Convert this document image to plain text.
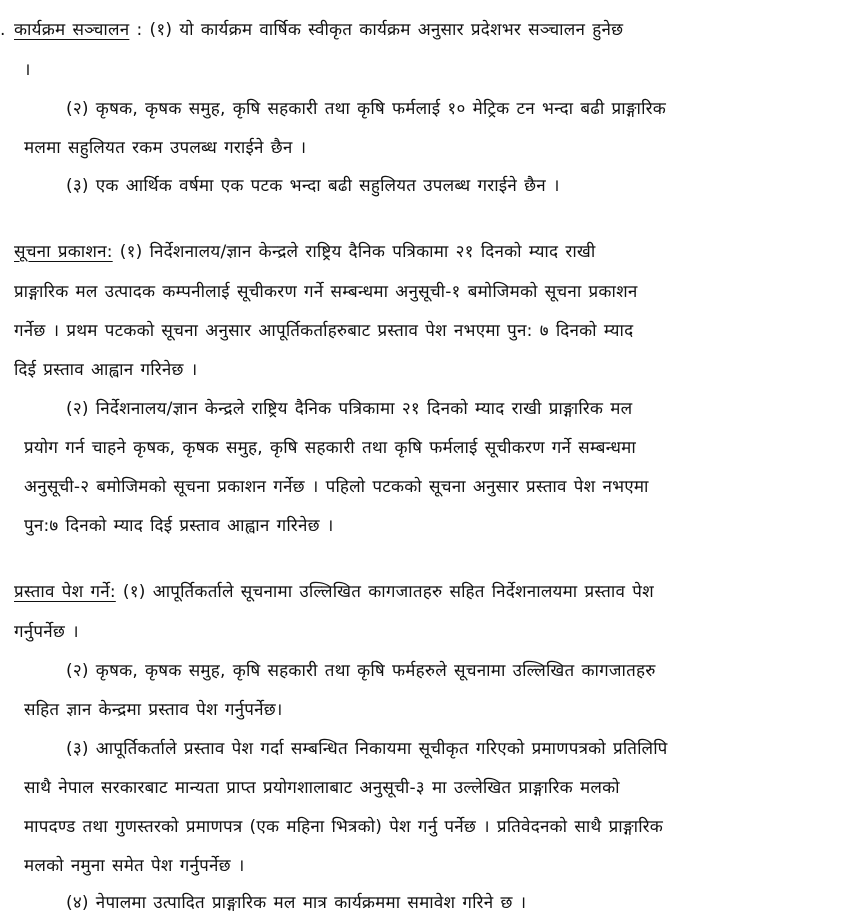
. कार्यक्रम सञ्चालन : (१) यो कार्यक्रम वार्षिक स्वीकृत कार्यक्रम अनुसार प्रदेशभर सञ्चालन हुनेछ
।
(२) कृषक, कृषक समुह, कृषि सहकारी तथा कृषि फर्मलाई १० मेट्रिक टन भन्दा बढी प्राङ्गारिक
मलमा सहुलियत रकम उपलब्ध गराईने छैन ।
(३) एक आर्थिक वर्षमा एक पटक भन्दा बढी सहुलियत उपलब्ध गराईने छैन ।
सूचना प्रकाशन: (१) निर्देशनालय/ज्ञान केन्द्रले राष्ट्रिय दैनिक पत्रिकामा २१ दिनको म्याद राखी
प्राङ्गारिक मल उत्पादक कम्पनीलाई सूचीकरण गर्ने सम्बन्धमा अनुसूची-१ बमोजिमको सूचना प्रकाशन
गर्नेछ । प्रथम पटकको सूचना अनुसार आपूर्तिकर्ताहरुबाट प्रस्ताव पेश नभएमा पुन: ७ दिनको म्याद
दिई प्रस्ताव आह्वान गरिनेछ ।
(२) निर्देशनालय/ज्ञान केन्द्रले राष्ट्रिय दैनिक पत्रिकामा २१ दिनको म्याद राखी प्राङ्गारिक मल
प्रयोग गर्न चाहने कृषक, कृषक समुह, कृषि सहकारी तथा कृषि फर्मलाई सूचीकरण गर्ने सम्बन्धमा
अनुसूची-२ बमोजिमको सूचना प्रकाशन गर्नेछ । पहिलो पटकको सूचना अनुसार प्रस्ताव पेश नभएमा
पुन:७ दिनको म्याद दिई प्रस्ताव आह्वान गरिनेछ ।
प्रस्ताव पेश गर्ने: (१) आपूर्तिकर्ताले सूचनामा उल्लिखित कागजातहरु सहित निर्देशनालयमा प्रस्ताव पेश
गर्नुपर्नेछ ।
(२) कृषक, कृषक समुह, कृषि सहकारी तथा कृषि फर्महरुले सूचनामा उल्लिखित कागजातहरु
सहित ज्ञान केन्द्रमा प्रस्ताव पेश गर्नुपर्नेछ।
(३) आपूर्तिकर्ताले प्रस्ताव पेश गर्दा सम्बन्धित निकायमा सूचीकृत गरिएको प्रमाणपत्रको प्रतिलिपि
साथै नेपाल सरकारबाट मान्यता प्राप्त प्रयोगशालाबाट अनुसूची-३ मा उल्लेखित प्राङ्गारिक मलको
मापदण्ड तथा गुणस्तरको प्रमाणपत्र (एक महिना भित्रको) पेश गर्नु पर्नेछ । प्रतिवेदनको साथै प्राङ्गारिक
मलको नमुना समेत पेश गर्नुपर्नेछ ।
(४) नेपालमा उत्पादित प्राङ्गारिक मल मात्र कार्यक्रममा समावेश गरिने छ ।
